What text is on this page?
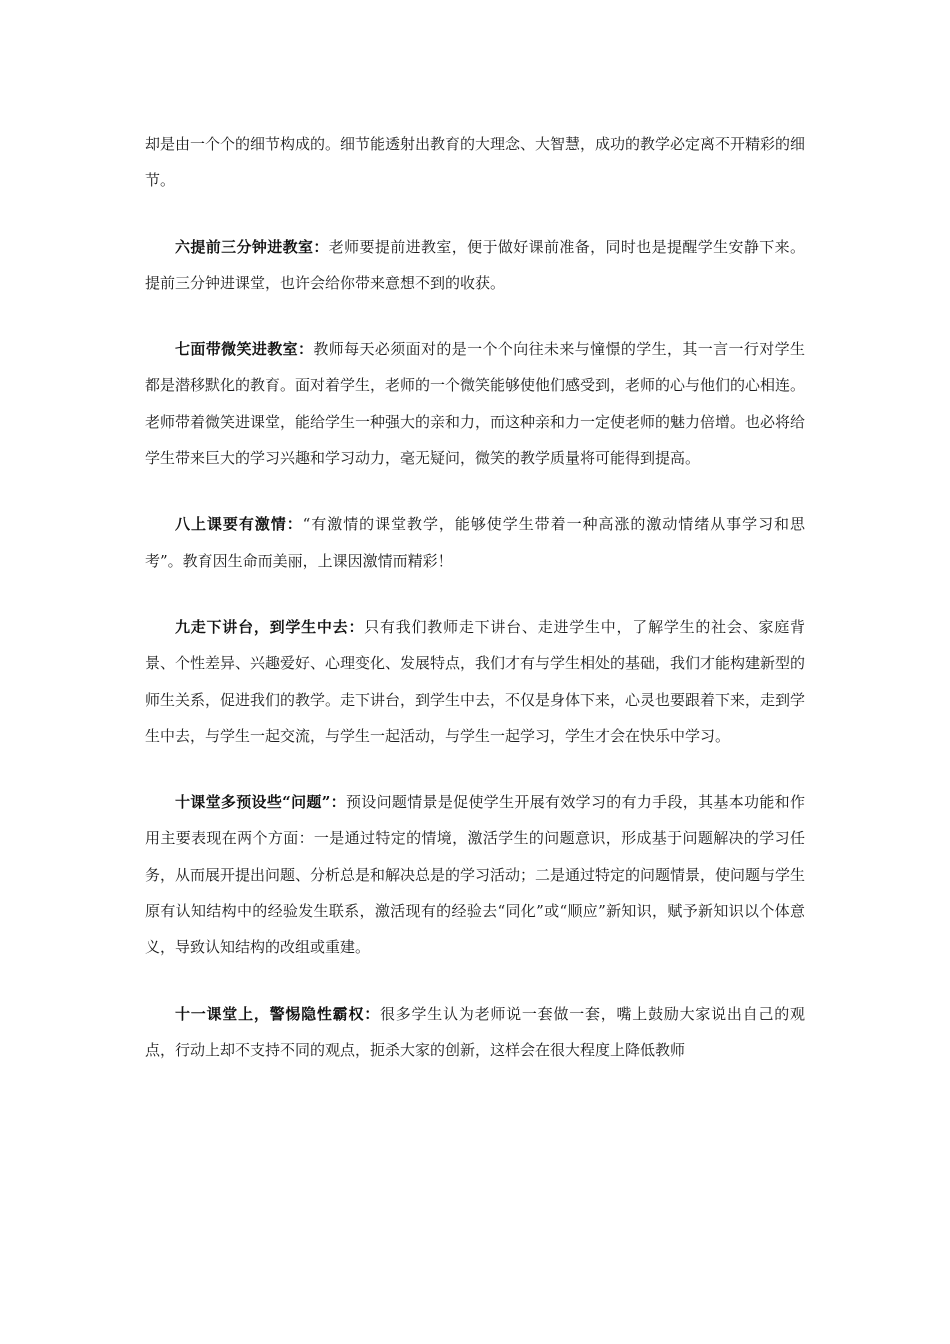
却是由一个个的细节构成的。细节能透射出教育的大理念、大智慧，成功的教学必定离不开精彩的细节。

六提前三分钟进教室：老师要提前进教室，便于做好课前准备，同时也是提醒学生安静下来。提前三分钟进课堂，也许会给你带来意想不到的收获。

七面带微笑进教室：教师每天必须面对的是一个个向往未来与憧憬的学生，其一言一行对学生都是潜移默化的教育。面对着学生，老师的一个微笑能够使他们感受到，老师的心与他们的心相连。老师带着微笑进课堂，能给学生一种强大的亲和力，而这种亲和力一定使老师的魅力倍增。也必将给学生带来巨大的学习兴趣和学习动力，毫无疑问，微笑的教学质量将可能得到提高。

八上课要有激情：“有激情的课堂教学，能够使学生带着一种高涨的激动情绪从事学习和思考”。教育因生命而美丽，上课因激情而精彩！

九走下讲台，到学生中去：只有我们教师走下讲台、走进学生中，了解学生的社会、家庭背景、个性差异、兴趣爱好、心理变化、发展特点，我们才有与学生相处的基础，我们才能构建新型的师生关系，促进我们的教学。走下讲台，到学生中去，不仅是身体下来，心灵也要跟着下来，走到学生中去，与学生一起交流，与学生一起活动，与学生一起学习，学生才会在快乐中学习。

十课堂多预设些“问题”：预设问题情景是促使学生开展有效学习的有力手段，其基本功能和作用主要表现在两个方面：一是通过特定的情境，激活学生的问题意识，形成基于问题解决的学习任务，从而展开提出问题、分析总是和解决总是的学习活动；二是通过特定的问题情景，使问题与学生原有认知结构中的经验发生联系，激活现有的经验去“同化”或“顺应”新知识，赋予新知识以个体意义，导致认知结构的改组或重建。

十一课堂上，警惕隐性霸权：很多学生认为老师说一套做一套，嘴上鼓励大家说出自己的观点，行动上却不支持不同的观点，扼杀大家的创新，这样会在很大程度上降低教师
